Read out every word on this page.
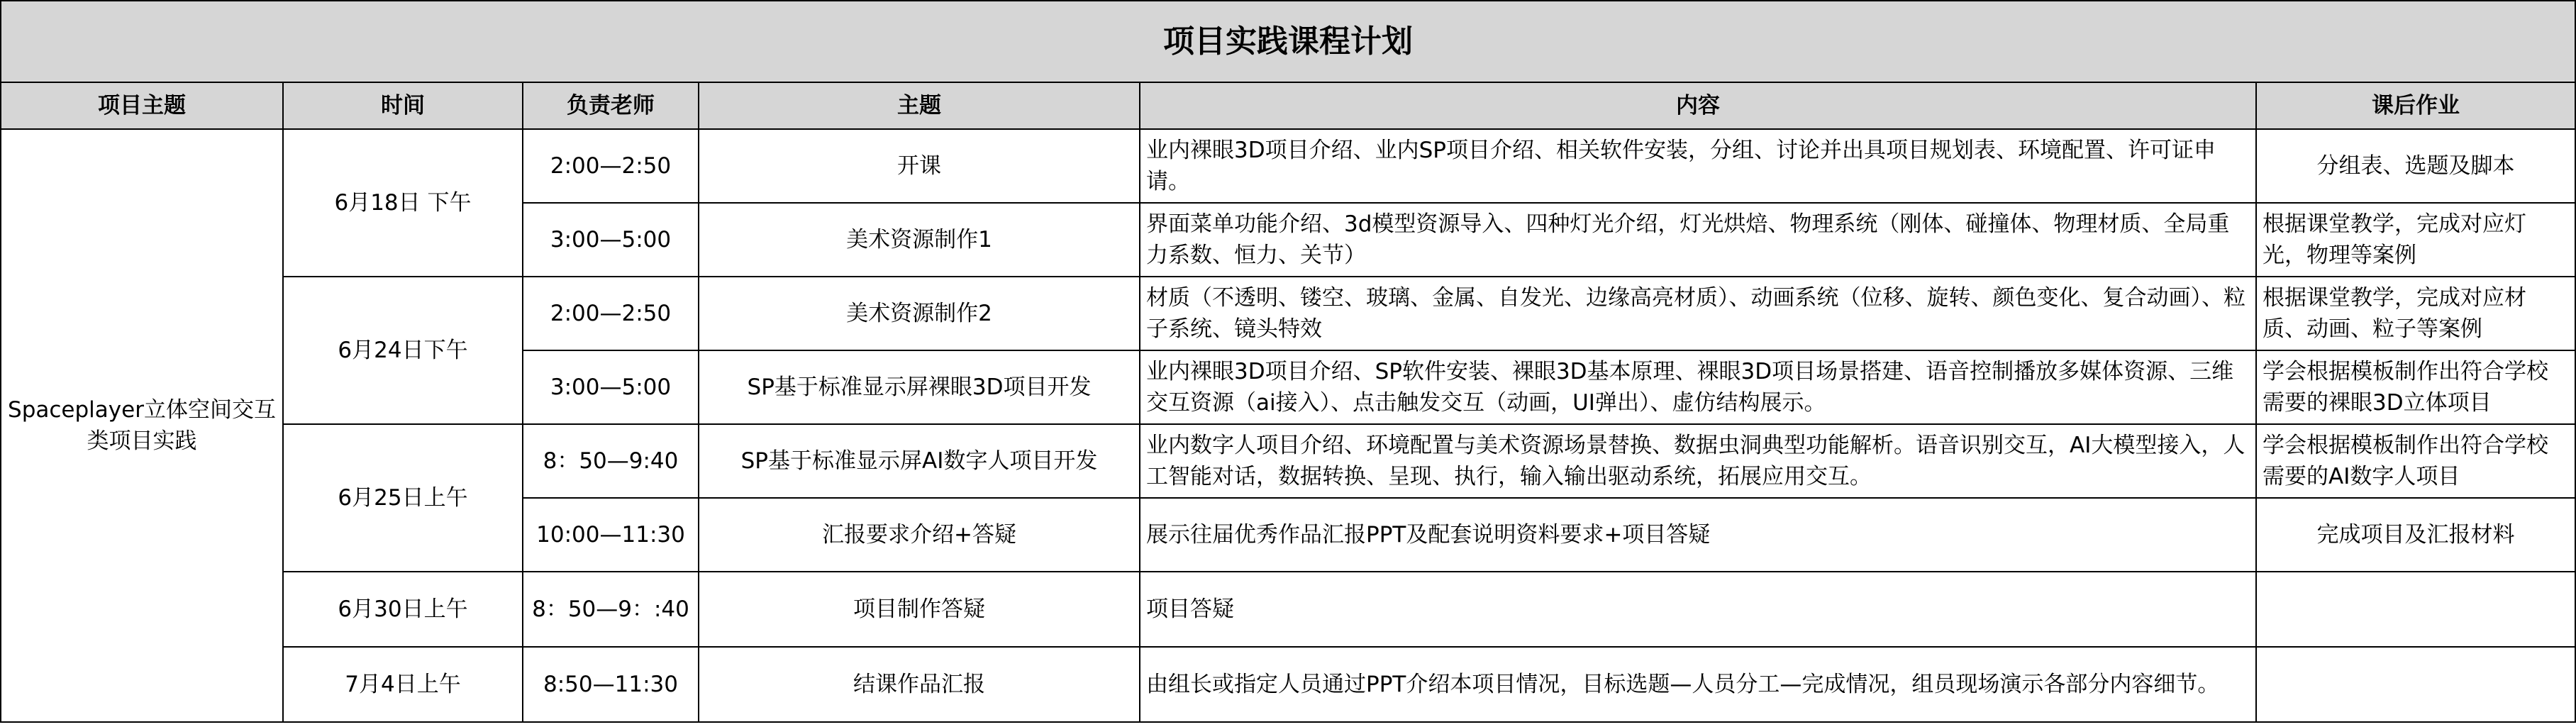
项目实践课程计划					
项目主题	时间	负责老师	主题	内容	课后作业
Spaceplayer立体空间交互类项目实践	6月18日 下午	2:00—2:50	开课	业内裸眼3D项目介绍、业内SP项目介绍、相关软件安装，分组、讨论并出具项目规划表、环境配置、许可证申请。	分组表、选题及脚本
		3:00—5:00	美术资源制作1	界面菜单功能介绍、3d模型资源导入、四种灯光介绍，灯光烘焙、物理系统（刚体、碰撞体、物理材质、全局重力系数、恒力、关节）	根据课堂教学，完成对应灯光，物理等案例
	6月24日下午	2:00—2:50	美术资源制作2	材质（不透明、镂空、玻璃、金属、自发光、边缘高亮材质）、动画系统（位移、旋转、颜色变化、复合动画）、粒子系统、镜头特效	根据课堂教学，完成对应材质、动画、粒子等案例
		3:00—5:00	SP基于标准显示屏裸眼3D项目开发	业内裸眼3D项目介绍、SP软件安装、裸眼3D基本原理、裸眼3D项目场景搭建、语音控制播放多媒体资源、三维交互资源（ai接入）、点击触发交互（动画，UI弹出）、虚仿结构展示。	学会根据模板制作出符合学校需要的裸眼3D立体项目
	6月25日上午	8：50—9:40	SP基于标准显示屏AI数字人项目开发	业内数字人项目介绍、环境配置与美术资源场景替换、数据虫洞典型功能解析。语音识别交互，AI大模型接入，人工智能对话，数据转换、呈现、执行，输入输出驱动系统，拓展应用交互。	学会根据模板制作出符合学校需要的AI数字人项目
		10:00—11:30	汇报要求介绍+答疑	展示往届优秀作品汇报PPT及配套说明资料要求+项目答疑	完成项目及汇报材料
	6月30日上午	8：50—9：:40	项目制作答疑	项目答疑	
	7月4日上午	8:50—11:30	结课作品汇报	由组长或指定人员通过PPT介绍本项目情况，目标选题—人员分工—完成情况，组员现场演示各部分内容细节。	
